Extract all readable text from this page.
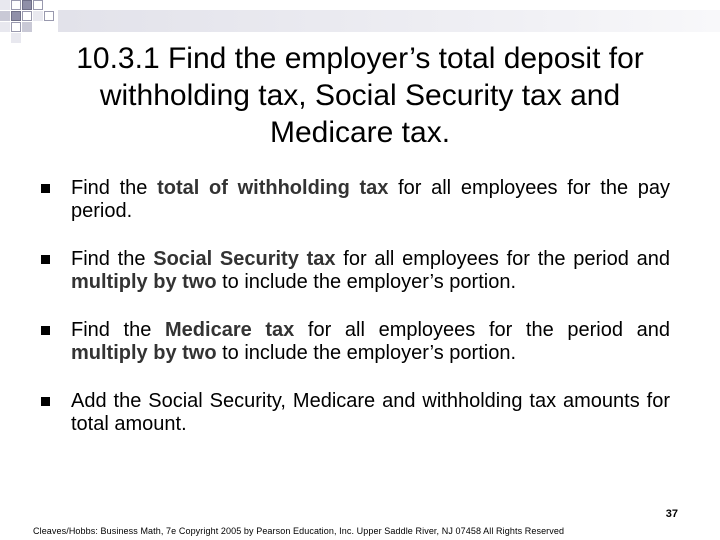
10.3.1 Find the employer’s total deposit for withholding tax, Social Security tax and Medicare tax.
Find the total of withholding tax for all employees for the pay period.
Find the Social Security tax for all employees for the period and multiply by two to include the employer’s portion.
Find the Medicare tax for all employees for the period and multiply by two to include the employer’s portion.
Add the Social Security, Medicare and withholding tax amounts for total amount.
37
Cleaves/Hobbs: Business Math, 7e Copyright 2005 by Pearson Education, Inc. Upper Saddle River, NJ 07458 All Rights Reserved
